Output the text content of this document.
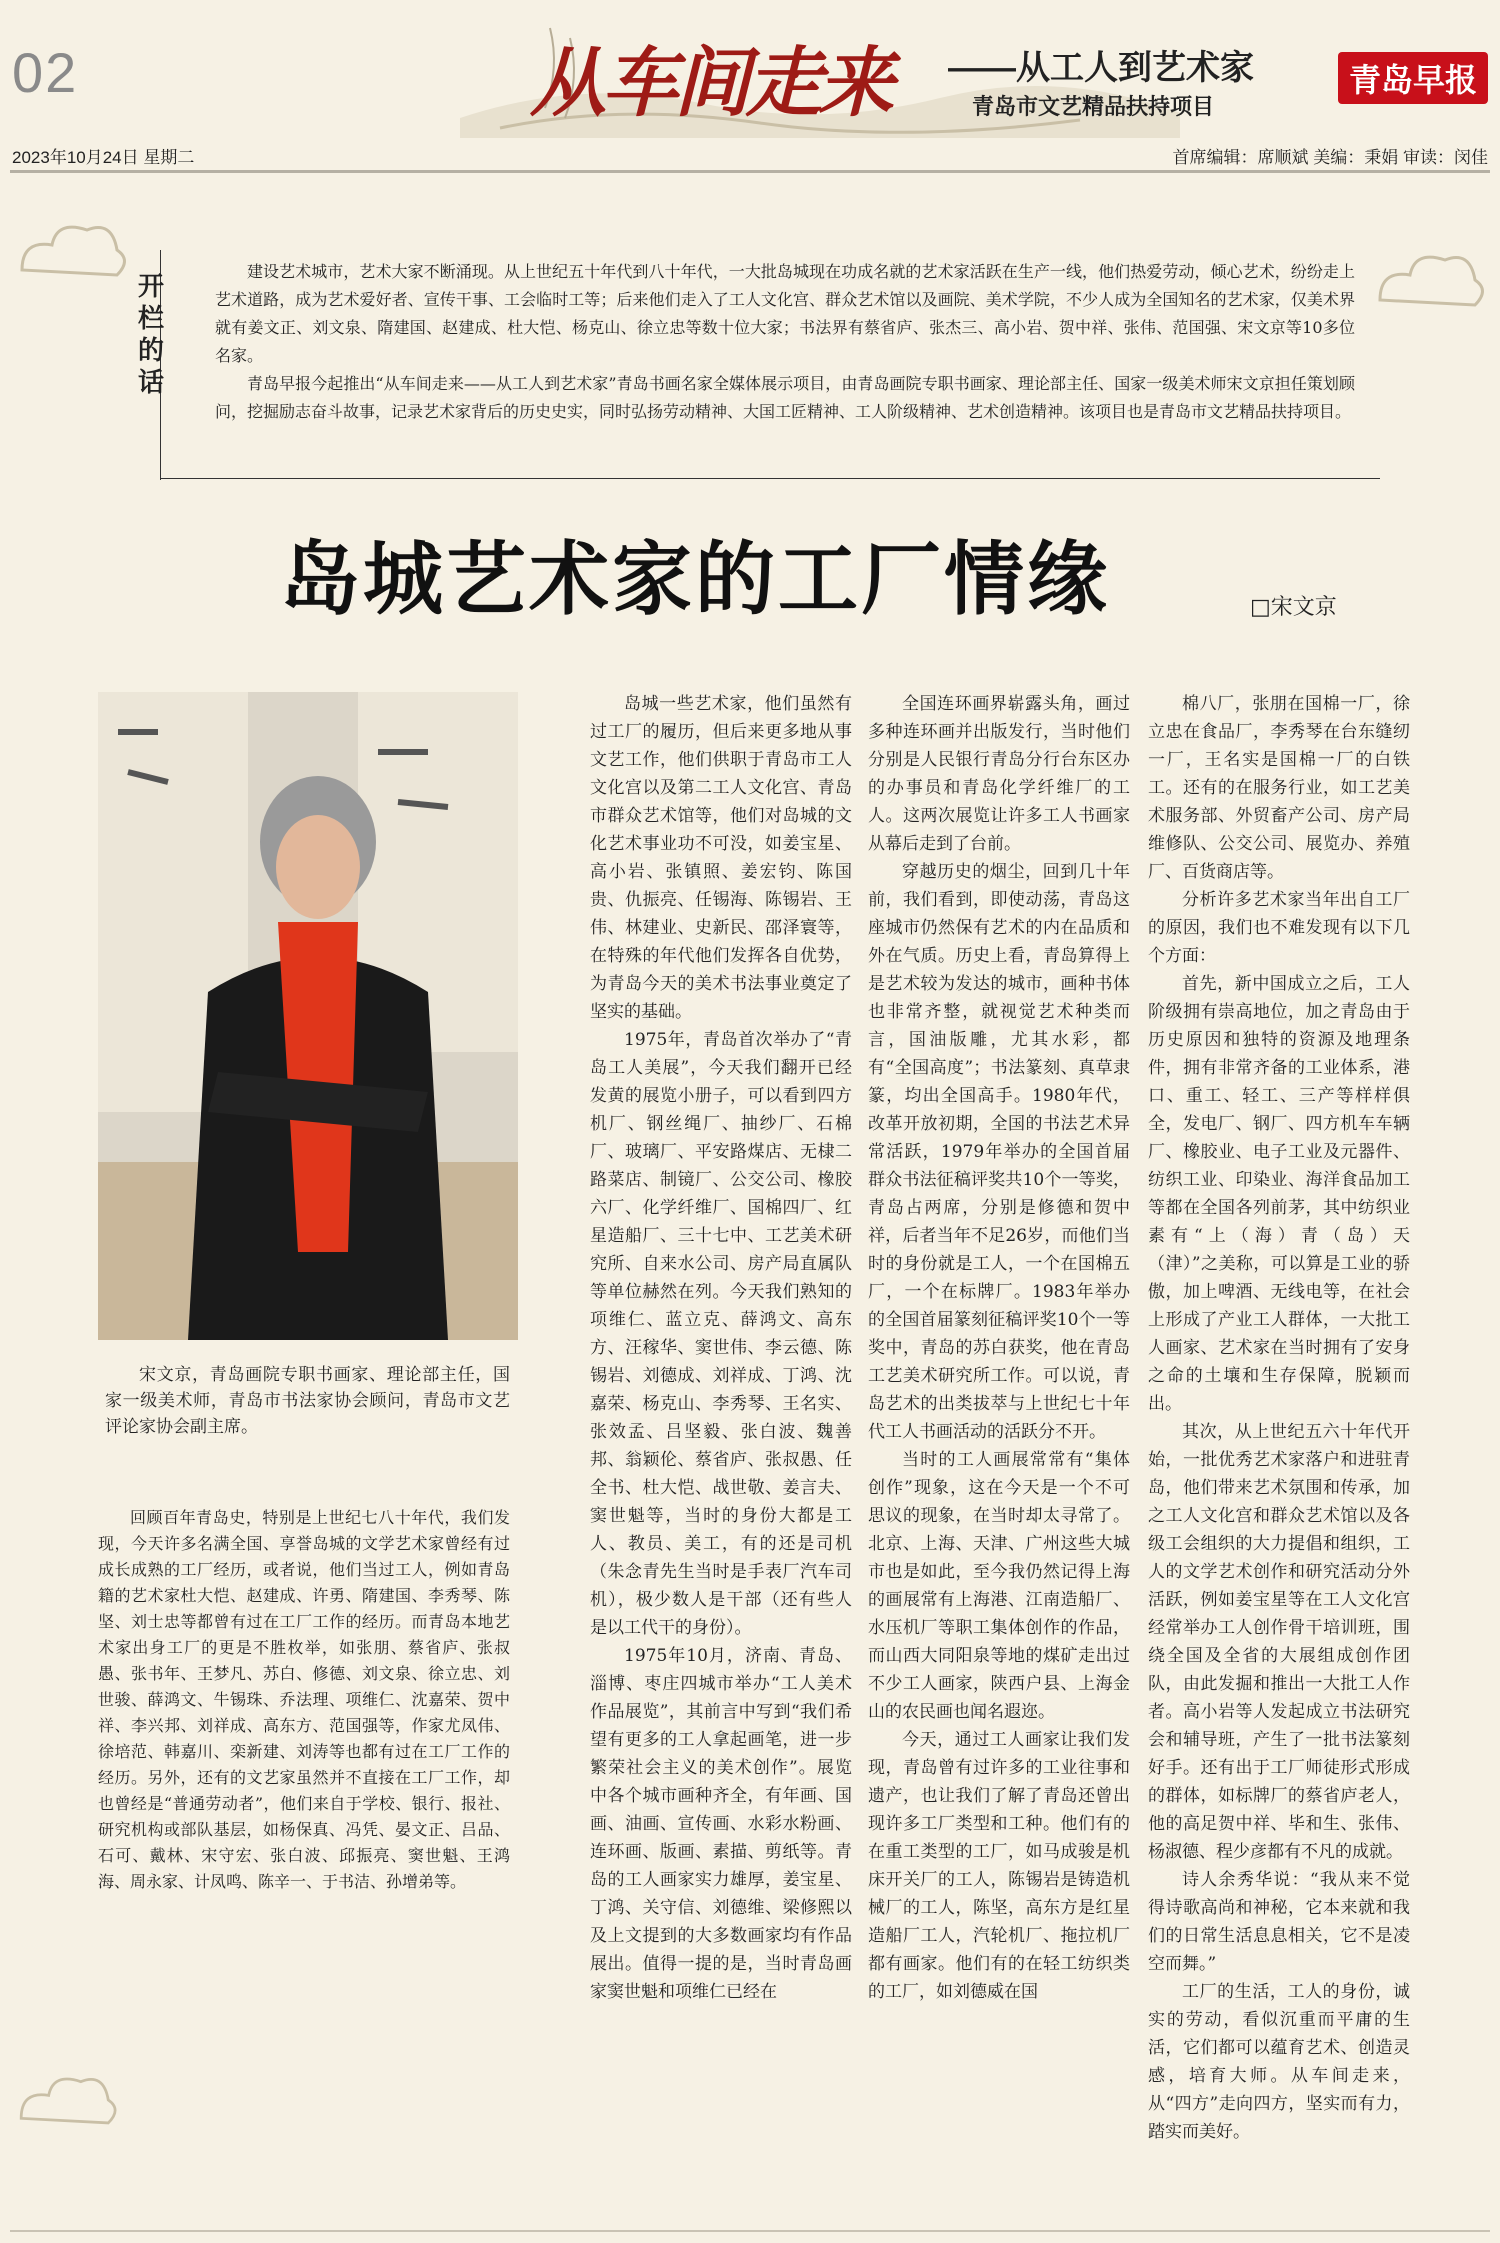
02	从车间走来 ——从工人到艺术家
青岛市文艺精品扶持项目
青岛早报
2023年10月24日 星期二	首席编辑：席顺斌 美编：秉娟 审读：闵佳
开栏的话

建设艺术城市，艺术大家不断涌现。从上世纪五十年代到八十年代，一大批岛城现在功成名就的艺术家活跃在生产一线，他们热爱劳动，倾心艺术，纷纷走上艺术道路，成为艺术爱好者、宣传干事、工会临时工等；后来他们走入了工人文化宫、群众艺术馆以及画院、美术学院，不少人成为全国知名的艺术家，仅美术界就有姜文正、刘文泉、隋建国、赵建成、杜大恺、杨克山、徐立忠等数十位大家；书法界有蔡省庐、张杰三、高小岩、贺中祥、张伟、范国强、宋文京等10多位名家。

青岛早报今起推出“从车间走来——从工人到艺术家”青岛书画名家全媒体展示项目，由青岛画院专职书画家、理论部主任、国家一级美术师宋文京担任策划顾问，挖掘励志奋斗故事，记录艺术家背后的历史史实，同时弘扬劳动精神、大国工匠精神、工人阶级精神、艺术创造精神。该项目也是青岛市文艺精品扶持项目。

岛城艺术家的工厂情缘	□宋文京
宋文京，青岛画院专职书画家、理论部主任，国家一级美术师，青岛市书法家协会顾问，青岛市文艺评论家协会副主席。

回顾百年青岛史，特别是上世纪七八十年代，我们发现，今天许多名满全国、享誉岛城的文学艺术家曾经有过成长成熟的工厂经历，或者说，他们当过工人，例如青岛籍的艺术家杜大恺、赵建成、许勇、隋建国、李秀琴、陈坚、刘士忠等都曾有过在工厂工作的经历。而青岛本地艺术家出身工厂的更是不胜枚举，如张朋、蔡省庐、张叔愚、张书年、王梦凡、苏白、修德、刘文泉、徐立忠、刘世骏、薛鸿文、牛锡珠、乔法理、项维仁、沈嘉荣、贺中祥、李兴邦、刘祥成、高东方、范国强等，作家尤凤伟、徐培范、韩嘉川、栾新建、刘涛等也都有过在工厂工作的经历。另外，还有的文艺家虽然并不直接在工厂工作，却也曾经是“普通劳动者”，他们来自于学校、银行、报社、研究机构或部队基层，如杨保真、冯凭、晏文正、吕品、石可、戴林、宋守宏、张白波、邱振亮、窦世魁、王鸿海、周永家、计凤鸣、陈辛一、于书洁、孙增弟等。

岛城一些艺术家，他们虽然有过工厂的履历，但后来更多地从事文艺工作，他们供职于青岛市工人文化宫以及第二工人文化宫、青岛市群众艺术馆等，他们对岛城的文化艺术事业功不可没，如姜宝星、高小岩、张镇照、姜宏钧、陈国贵、仇振亮、任锡海、陈锡岩、王伟、林建业、史新民、邵泽寰等，在特殊的年代他们发挥各自优势，为青岛今天的美术书法事业奠定了坚实的基础。

1975年，青岛首次举办了“青岛工人美展”，今天我们翻开已经发黄的展览小册子，可以看到四方机厂、钢丝绳厂、抽纱厂、石棉厂、玻璃厂、平安路煤店、无棣二路菜店、制镜厂、公交公司、橡胶六厂、化学纤维厂、国棉四厂、红星造船厂、三十七中、工艺美术研究所、自来水公司、房产局直属队等单位赫然在列。今天我们熟知的项维仁、蓝立克、薛鸿文、高东方、汪稼华、窦世伟、李云德、陈锡岩、刘德成、刘祥成、丁鸿、沈嘉荣、杨克山、李秀琴、王名实、张效孟、吕坚毅、张白波、魏善邦、翁颖伦、蔡省庐、张叔愚、任全书、杜大恺、战世敬、姜言夫、窦世魁等，当时的身份大都是工人、教员、美工，有的还是司机（朱念青先生当时是手表厂汽车司机），极少数人是干部（还有些人是以工代干的身份）。

1975年10月，济南、青岛、淄博、枣庄四城市举办“工人美术作品展览”，其前言中写到“我们希望有更多的工人拿起画笔，进一步繁荣社会主义的美术创作”。展览中各个城市画种齐全，有年画、国画、油画、宣传画、水彩水粉画、连环画、版画、素描、剪纸等。青岛的工人画家实力雄厚，姜宝星、丁鸿、关守信、刘德维、梁修熙以及上文提到的大多数画家均有作品展出。值得一提的是，当时青岛画家窦世魁和项维仁已经在

全国连环画界崭露头角，画过多种连环画并出版发行，当时他们分别是人民银行青岛分行台东区办的办事员和青岛化学纤维厂的工人。这两次展览让许多工人书画家从幕后走到了台前。

穿越历史的烟尘，回到几十年前，我们看到，即使动荡，青岛这座城市仍然保有艺术的内在品质和外在气质。历史上看，青岛算得上是艺术较为发达的城市，画种书体也非常齐整，就视觉艺术种类而言，国油版雕，尤其水彩，都有“全国高度”；书法篆刻、真草隶篆，均出全国高手。1980年代，改革开放初期，全国的书法艺术异常活跃，1979年举办的全国首届群众书法征稿评奖共10个一等奖，青岛占两席，分别是修德和贺中祥，后者当年不足26岁，而他们当时的身份就是工人，一个在国棉五厂，一个在标牌厂。1983年举办的全国首届篆刻征稿评奖10个一等奖中，青岛的苏白获奖，他在青岛工艺美术研究所工作。可以说，青岛艺术的出类拔萃与上世纪七十年代工人书画活动的活跃分不开。

当时的工人画展常常有“集体创作”现象，这在今天是一个不可思议的现象，在当时却太寻常了。北京、上海、天津、广州这些大城市也是如此，至今我仍然记得上海的画展常有上海港、江南造船厂、水压机厂等职工集体创作的作品，而山西大同阳泉等地的煤矿走出过不少工人画家，陕西户县、上海金山的农民画也闻名遐迩。

今天，通过工人画家让我们发现，青岛曾有过许多的工业往事和遗产，也让我们了解了青岛还曾出现许多工厂类型和工种。他们有的在重工类型的工厂，如马成骏是机床开关厂的工人，陈锡岩是铸造机械厂的工人，陈坚，高东方是红星造船厂工人，汽轮机厂、拖拉机厂都有画家。他们有的在轻工纺织类的工厂，如刘德威在国

棉八厂，张朋在国棉一厂，徐立忠在食品厂，李秀琴在台东缝纫一厂，王名实是国棉一厂的白铁工。还有的在服务行业，如工艺美术服务部、外贸畜产公司、房产局维修队、公交公司、展览办、养殖厂、百货商店等。

分析许多艺术家当年出自工厂的原因，我们也不难发现有以下几个方面：

首先，新中国成立之后，工人阶级拥有崇高地位，加之青岛由于历史原因和独特的资源及地理条件，拥有非常齐备的工业体系，港口、重工、轻工、三产等样样俱全，发电厂、钢厂、四方机车车辆厂、橡胶业、电子工业及元器件、纺织工业、印染业、海洋食品加工等都在全国各列前茅，其中纺织业素有“上（海）青（岛）天（津）”之美称，可以算是工业的骄傲，加上啤酒、无线电等，在社会上形成了产业工人群体，一大批工人画家、艺术家在当时拥有了安身之命的土壤和生存保障，脱颖而出。

其次，从上世纪五六十年代开始，一批优秀艺术家落户和进驻青岛，他们带来艺术氛围和传承，加之工人文化宫和群众艺术馆以及各级工会组织的大力提倡和组织，工人的文学艺术创作和研究活动分外活跃，例如姜宝星等在工人文化宫经常举办工人创作骨干培训班，围绕全国及全省的大展组成创作团队，由此发掘和推出一大批工人作者。高小岩等人发起成立书法研究会和辅导班，产生了一批书法篆刻好手。还有出于工厂师徒形式形成的群体，如标牌厂的蔡省庐老人，他的高足贺中祥、毕和生、张伟、杨淑德、程少彦都有不凡的成就。

诗人余秀华说：“我从来不觉得诗歌高尚和神秘，它本来就和我们的日常生活息息相关，它不是凌空而舞。”

工厂的生活，工人的身份，诚实的劳动，看似沉重而平庸的生活，它们都可以蕴育艺术、创造灵感，培育大师。从车间走来，从“四方”走向四方，坚实而有力，踏实而美好。
